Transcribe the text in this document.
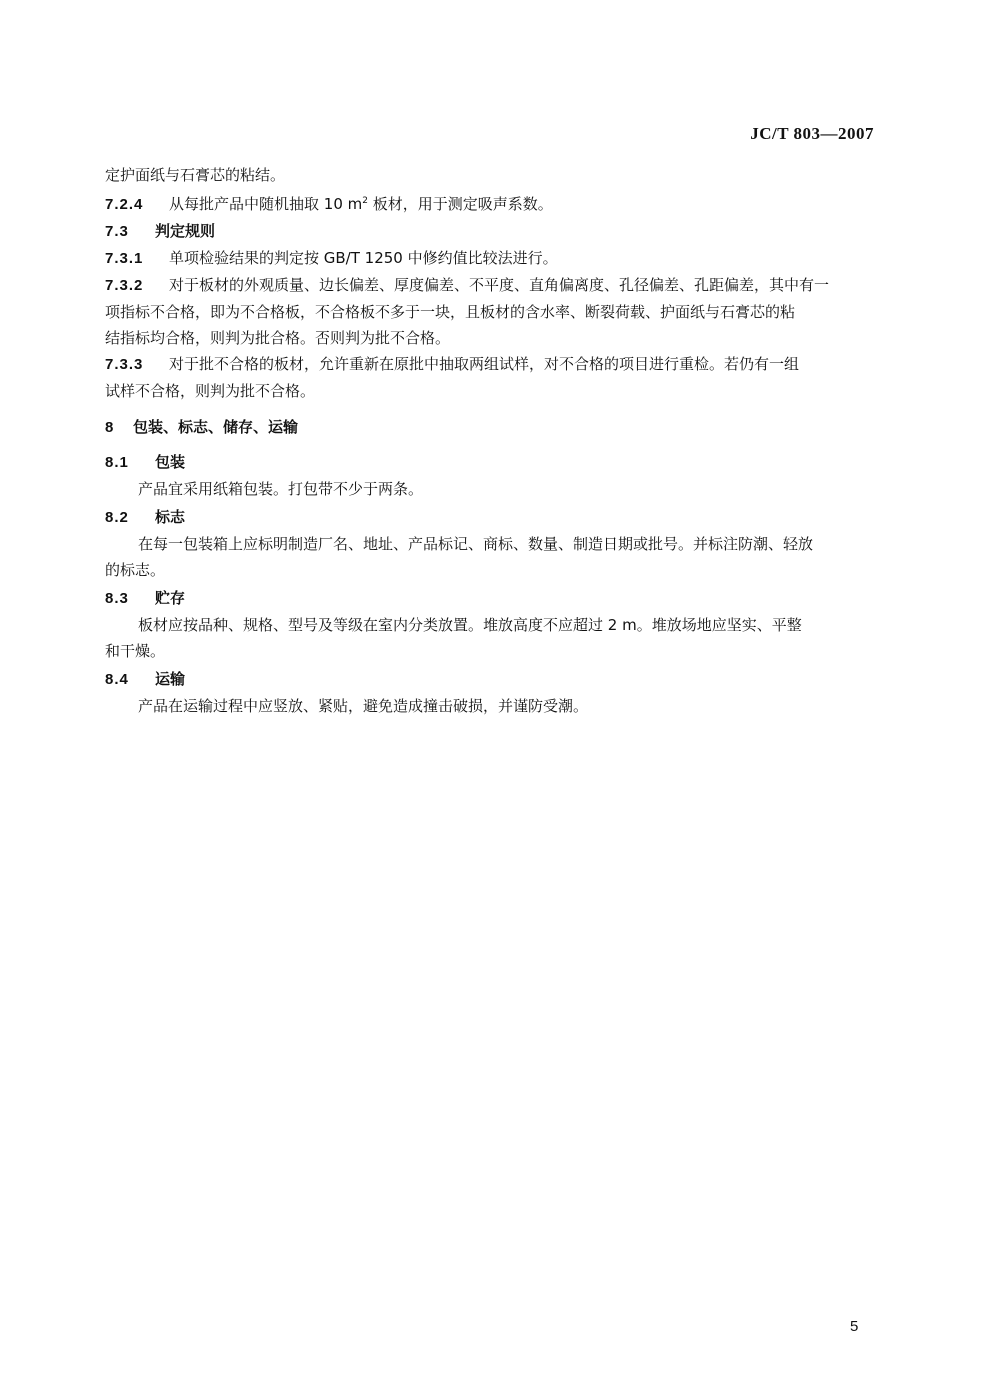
JC/T 803—2007

定护面纸与石膏芯的粘结。

7.2.4 从每批产品中随机抽取 10 $m^2$ 板材，用于测定吸声系数。

7.3 判定规则

7.3.1 单项检验结果的判定按 GB/T 1250 中修约值比较法进行。

7.3.2 对于板材的外观质量、边长偏差、厚度偏差、不平度、直角偏离度、孔径偏差、孔距偏差，其中有一

项指标不合格，即为不合格板，不合格板不多于一块，且板材的含水率、断裂荷载、护面纸与石膏芯的粘

结指标均合格，则判为批合格。否则判为批不合格。

7.3.3 对于批不合格的板材，允许重新在原批中抽取两组试样，对不合格的项目进行重检。若仍有一组

试样不合格，则判为批不合格。

8 包装、标志、储存、运输

8.1 包装

产品宜采用纸箱包装。打包带不少于两条。

8.2 标志

在每一包装箱上应标明制造厂名、地址、产品标记、商标、数量、制造日期或批号。并标注防潮、轻放

的标志。

8.3 贮存

板材应按品种、规格、型号及等级在室内分类放置。堆放高度不应超过 2 m。堆放场地应坚实、平整

和干燥。

8.4 运输

产品在运输过程中应竖放、紧贴，避免造成撞击破损，并谨防受潮。

5
